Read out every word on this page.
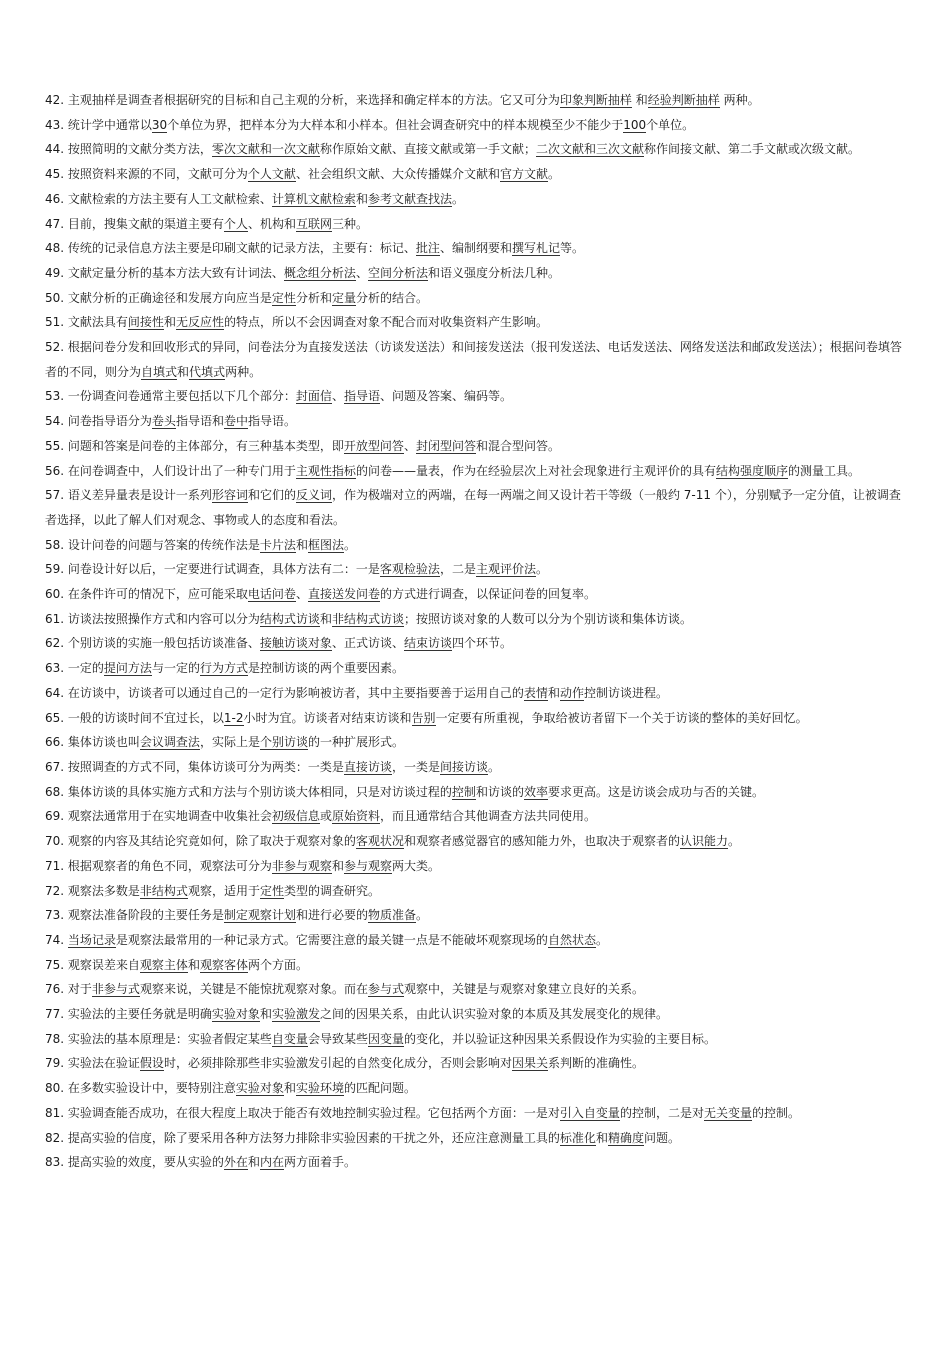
42. 主观抽样是调查者根据研究的目标和自己主观的分析，来选择和确定样本的方法。它又可分为印象判断抽样 和经验判断抽样 两种。
43. 统计学中通常以30个单位为界，把样本分为大样本和小样本。但社会调查研究中的样本规模至少不能少于100个单位。
44. 按照简明的文献分类方法，零次文献和一次文献称作原始文献、直接文献或第一手文献；二次文献和三次文献称作间接文献、第二手文献或次级文献。
45. 按照资料来源的不同，文献可分为个人文献、社会组织文献、大众传播媒介文献和官方文献。
46. 文献检索的方法主要有人工文献检索、计算机文献检索和参考文献查找法。
47. 目前，搜集文献的渠道主要有个人、机构和互联网三种。
48. 传统的记录信息方法主要是印刷文献的记录方法，主要有：标记、批注、编制纲要和撰写札记等。
49. 文献定量分析的基本方法大致有计词法、概念组分析法、空间分析法和语义强度分析法几种。
50. 文献分析的正确途径和发展方向应当是定性分析和定量分析的结合。
51. 文献法具有间接性和无反应性的特点，所以不会因调查对象不配合而对收集资料产生影响。
52. 根据问卷分发和回收形式的异同，问卷法分为直接发送法（访谈发送法）和间接发送法（报刊发送法、电话发送法、网络发送法和邮政发送法）；根据问卷填答者的不同，则分为自填式和代填式两种。
53. 一份调查问卷通常主要包括以下几个部分：封面信、指导语、问题及答案、编码等。
54. 问卷指导语分为卷头指导语和卷中指导语。
55. 问题和答案是问卷的主体部分，有三种基本类型，即开放型问答、封闭型问答和混合型问答。
56. 在问卷调查中，人们设计出了一种专门用于主观性指标的问卷——量表，作为在经验层次上对社会现象进行主观评价的具有结构强度顺序的测量工具。
57. 语义差异量表是设计一系列形容词和它们的反义词，作为极端对立的两端，在每一两端之间又设计若干等级（一般约 7-11 个），分别赋予一定分值，让被调查者选择，以此了解人们对观念、事物或人的态度和看法。
58. 设计问卷的问题与答案的传统作法是卡片法和框图法。
59. 问卷设计好以后，一定要进行试调查，具体方法有二：一是客观检验法，二是主观评价法。
60. 在条件许可的情况下，应可能采取电话问卷、直接送发问卷的方式进行调查，以保证问卷的回复率。
61. 访谈法按照操作方式和内容可以分为结构式访谈和非结构式访谈；按照访谈对象的人数可以分为个别访谈和集体访谈。
62. 个别访谈的实施一般包括访谈准备、接触访谈对象、正式访谈、结束访谈四个环节。
63. 一定的提问方法与一定的行为方式是控制访谈的两个重要因素。
64. 在访谈中，访谈者可以通过自己的一定行为影响被访者，其中主要指要善于运用自己的表情和动作控制访谈进程。
65. 一般的访谈时间不宜过长，以1-2小时为宜。访谈者对结束访谈和告别一定要有所重视，争取给被访者留下一个关于访谈的整体的美好回忆。
66. 集体访谈也叫会议调查法，实际上是个别访谈的一种扩展形式。
67. 按照调查的方式不同，集体访谈可分为两类：一类是直接访谈，一类是间接访谈。
68. 集体访谈的具体实施方式和方法与个别访谈大体相同，只是对访谈过程的控制和访谈的效率要求更高。这是访谈会成功与否的关键。
69. 观察法通常用于在实地调查中收集社会初级信息或原始资料，而且通常结合其他调查方法共同使用。
70. 观察的内容及其结论究竟如何，除了取决于观察对象的客观状况和观察者感觉器官的感知能力外，也取决于观察者的认识能力。
71. 根据观察者的角色不同，观察法可分为非参与观察和参与观察两大类。
72. 观察法多数是非结构式观察，适用于定性类型的调查研究。
73. 观察法准备阶段的主要任务是制定观察计划和进行必要的物质准备。
74. 当场记录是观察法最常用的一种记录方式。它需要注意的最关键一点是不能破坏观察现场的自然状态。
75. 观察误差来自观察主体和观察客体两个方面。
76. 对于非参与式观察来说，关键是不能惊扰观察对象。而在参与式观察中，关键是与观察对象建立良好的关系。
77. 实验法的主要任务就是明确实验对象和实验激发之间的因果关系，由此认识实验对象的本质及其发展变化的规律。
78. 实验法的基本原理是：实验者假定某些自变量会导致某些因变量的变化，并以验证这种因果关系假设作为实验的主要目标。
79. 实验法在验证假设时，必须排除那些非实验激发引起的自然变化成分，否则会影响对因果关系判断的准确性。
80. 在多数实验设计中，要特别注意实验对象和实验环境的匹配问题。
81. 实验调查能否成功，在很大程度上取决于能否有效地控制实验过程。它包括两个方面：一是对引入自变量的控制，二是对无关变量的控制。
82. 提高实验的信度，除了要采用各种方法努力排除非实验因素的干扰之外，还应注意测量工具的标准化和精确度问题。
83. 提高实验的效度，要从实验的外在和内在两方面着手。
